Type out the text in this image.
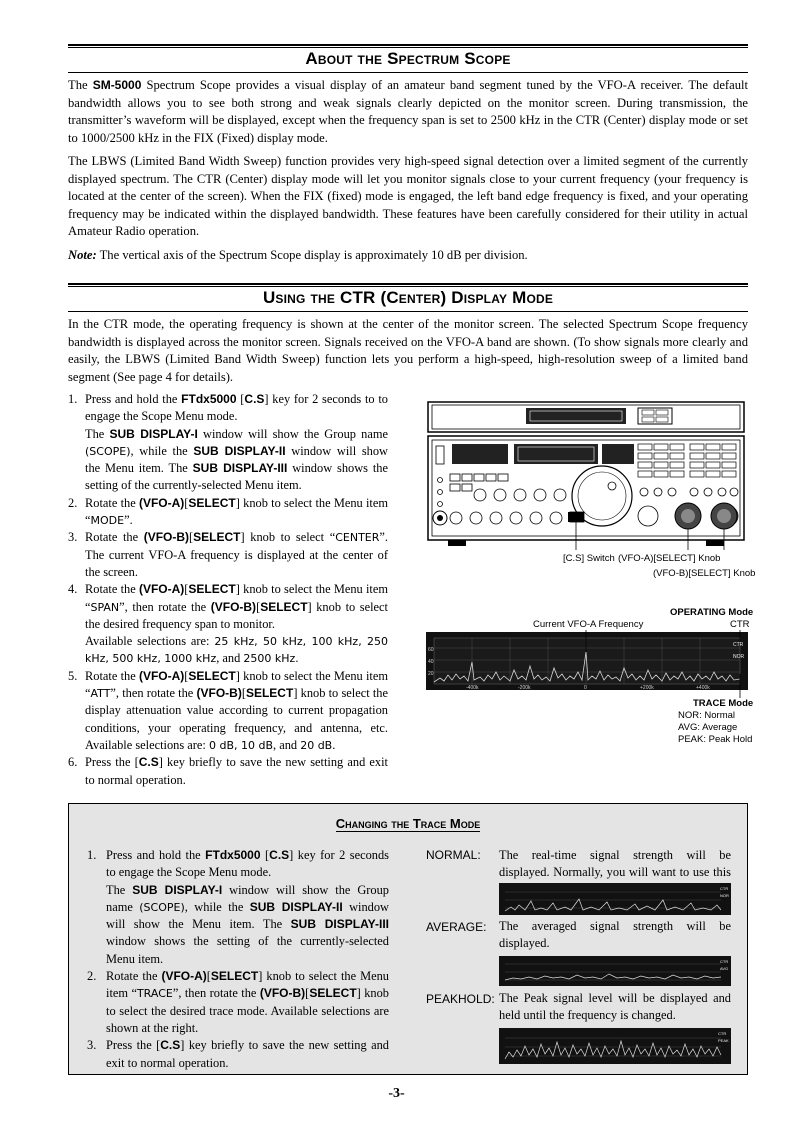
About the Spectrum Scope

The SM-5000 Spectrum Scope provides a visual display of an amateur band segment tuned by the VFO-A receiver. The default bandwidth allows you to see both strong and weak signals clearly depicted on the monitor screen. During transmission, the transmitter’s waveform will be displayed, except when the frequency span is set to 2500 kHz in the CTR (Center) display mode or set to 1000/2500 kHz in the FIX (Fixed) display mode.

The LBWS (Limited Band Width Sweep) function provides very high-speed signal detection over a limited segment of the currently displayed spectrum. The CTR (Center) display mode will let you monitor signals close to your current frequency (your frequency is located at the center of the screen). When the FIX (fixed) mode is engaged, the left band edge frequency is fixed, and your operating frequency may be indicated within the displayed bandwidth. These features have been carefully considered for their utility in actual Amateur Radio operation.

Note: The vertical axis of the Spectrum Scope display is approximately 10 dB per division.

Using the CTR (Center) Display Mode

In the CTR mode, the operating frequency is shown at the center of the monitor screen. The selected Spectrum Scope frequency bandwidth is displayed across the monitor screen. Signals received on the VFO-A band are shown. (To show signals more clearly and easily, the LBWS (Limited Band Width Sweep) function lets you perform a high-speed, high-resolution sweep of a limited band segment (See page 4 for details).

1. Press and hold the FTdx5000 [C.S] key for 2 seconds to to engage the Scope Menu mode.
The SUB DISPLAY-I window will show the Group name (SCOPE), while the SUB DISPLAY-II window will show the Menu item. The SUB DISPLAY-III window shows the setting of the currently-selected Menu item.
2. Rotate the (VFO-A)[SELECT] knob to select the Menu item “MODE”.
3. Rotate the (VFO-B)[SELECT] knob to select “CENTER”. The current VFO-A frequency is displayed at the center of the screen.
4. Rotate the (VFO-A)[SELECT] knob to select the Menu item “SPAN”, then rotate the (VFO-B)[SELECT] knob to select the desired frequency span to monitor.
Available selections are: 25 kHz, 50 kHz, 100 kHz, 250 kHz, 500 kHz, 1000 kHz, and 2500 kHz.
5. Rotate the (VFO-A)[SELECT] knob to select the Menu item “ATT”, then rotate the (VFO-B)[SELECT] knob to select the display attenuation value according to current propagation conditions, your operating frequency, and antenna, etc. Available selections are: 0 dB, 10 dB, and 20 dB.
6. Press the [C.S] key briefly to save the new setting and exit to normal operation.
[C.S] Switch (VFO-A)[SELECT] Knob
(VFO-B)[SELECT] Knob
OPERATING Mode
CTR
Current VFO-A Frequency
60
40
20
-400k	-200k	0	+200k	+400k
CTR
NOR
TRACE Mode
NOR: Normal
AVG: Average
PEAK: Peak Hold
Changing the Trace Mode
1. Press and hold the FTdx5000 [C.S] key for 2 seconds to engage the Scope Menu mode.
The SUB DISPLAY-I window will show the Group name (SCOPE), while the SUB DISPLAY-II window will show the Menu item. The SUB DISPLAY-III window shows the setting of the currently-selected Menu item.
2. Rotate the (VFO-A)[SELECT] knob to select the Menu item “TRACE”, then rotate the (VFO-B)[SELECT] knob to select the desired trace mode. Available selections are shown at the right.
3. Press the [C.S] key briefly to save the new setting and exit to normal operation.
NORMAL: The real-time signal strength will be displayed. Normally, you will want to use this
CTR
NOR
AVERAGE: The averaged signal strength will be displayed.
CTR
AVG
PEAKHOLD: The Peak signal level will be displayed and held until the frequency is changed.
CTR
PEAK
-3-
